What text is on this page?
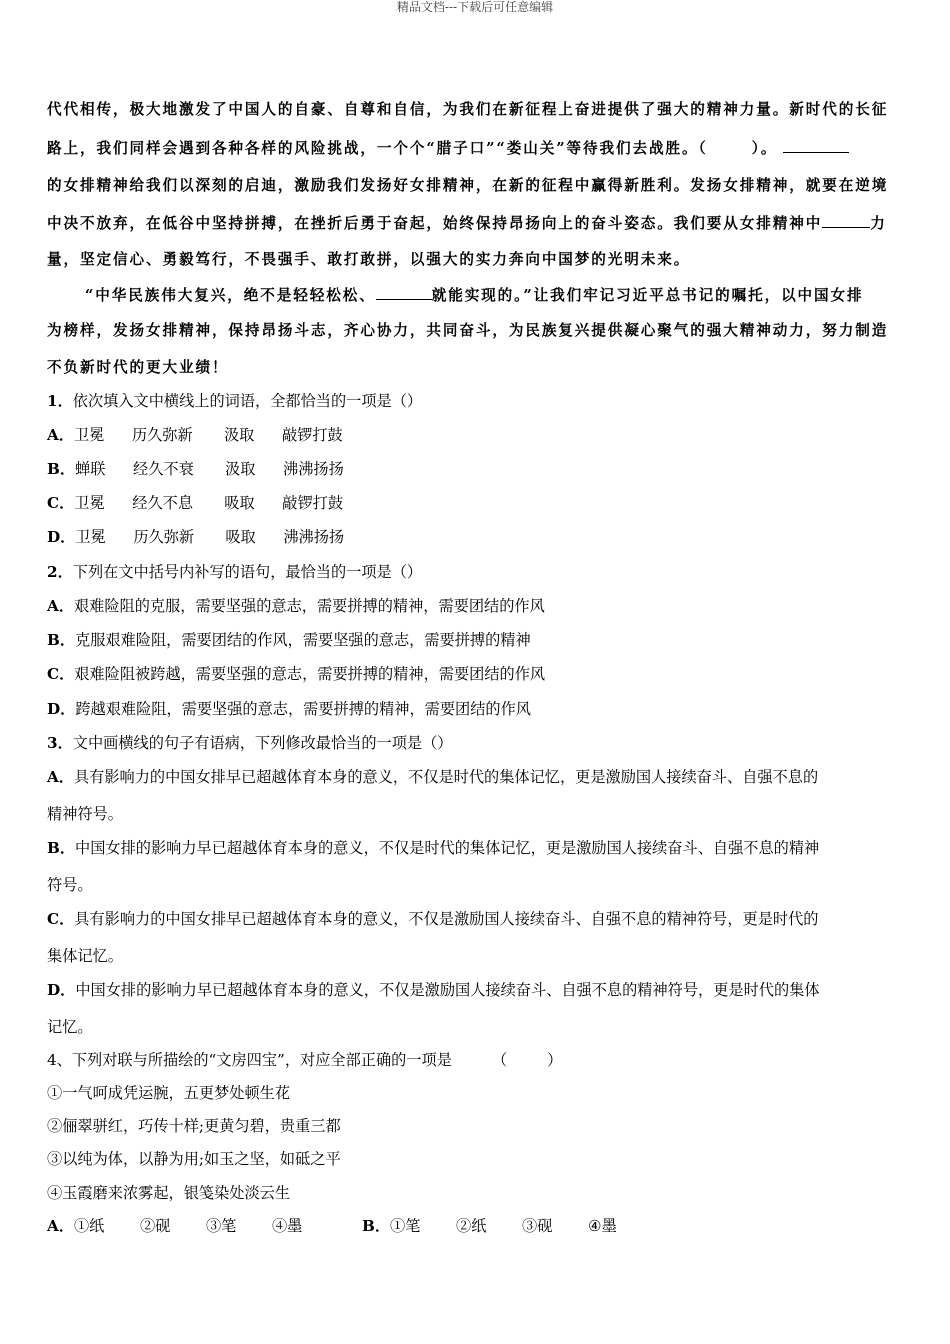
精品文档---下载后可任意编辑
代代相传，极大地激发了中国人的自豪、自尊和自信，为我们在新征程上奋进提供了强大的精神力量。新时代的长征
路上，我们同样会遇到各种各样的风险挑战，一个个“腊子口”“娄山关”等待我们去战胜。（	）。
的女排精神给我们以深刻的启迪，激励我们发扬好女排精神，在新的征程中赢得新胜利。发扬女排精神，就要在逆境
中决不放弃，在低谷中坚持拼搏，在挫折后勇于奋起，始终保持昂扬向上的奋斗姿态。我们要从女排精神中	力
量，坚定信心、勇毅笃行，不畏强手、敢打敢拼，以强大的实力奔向中国梦的光明未来。
“中华民族伟大复兴，绝不是轻轻松松、	就能实现的。”让我们牢记习近平总书记的嘱托，以中国女排
为榜样，发扬女排精神，保持昂扬斗志，齐心协力，共同奋斗，为民族复兴提供凝心聚气的强大精神动力，努力制造
不负新时代的更大业绩！
1．依次填入文中横线上的词语，全都恰当的一项是（）
A．卫冕 历久弥新 汲取 敲锣打鼓
B．蝉联 经久不衰 汲取 沸沸扬扬
C．卫冕 经久不息 吸取 敲锣打鼓
D．卫冕 历久弥新 吸取 沸沸扬扬
2．下列在文中括号内补写的语句，最恰当的一项是（）
A．艰难险阻的克服，需要坚强的意志，需要拼搏的精神，需要团结的作风
B．克服艰难险阻，需要团结的作风，需要坚强的意志，需要拼搏的精神
C．艰难险阻被跨越，需要坚强的意志，需要拼搏的精神，需要团结的作风
D．跨越艰难险阻，需要坚强的意志，需要拼搏的精神，需要团结的作风
3．文中画横线的句子有语病，下列修改最恰当的一项是（）
A．具有影响力的中国女排早已超越体育本身的意义，不仅是时代的集体记忆，更是激励国人接续奋斗、自强不息的
精神符号。
B．中国女排的影响力早已超越体育本身的意义，不仅是时代的集体记忆，更是激励国人接续奋斗、自强不息的精神
符号。
C．具有影响力的中国女排早已超越体育本身的意义，不仅是激励国人接续奋斗、自强不息的精神符号，更是时代的
集体记忆。
D．中国女排的影响力早已超越体育本身的意义，不仅是激励国人接续奋斗、自强不息的精神符号，更是时代的集体
记忆。
4、下列对联与所描绘的“文房四宝”，对应全部正确的一项是	（	）
①一气呵成凭运腕，五更梦处顿生花
②俪翠骈红，巧传十样;更黄匀碧，贵重三都
③以纯为体，以静为用;如玉之坚，如砥之平
④玉霞磨来浓雾起，银笺染处淡云生
A．①纸 ②砚 ③笔 ④墨	B．①笔 ②纸 ③砚 ④墨
